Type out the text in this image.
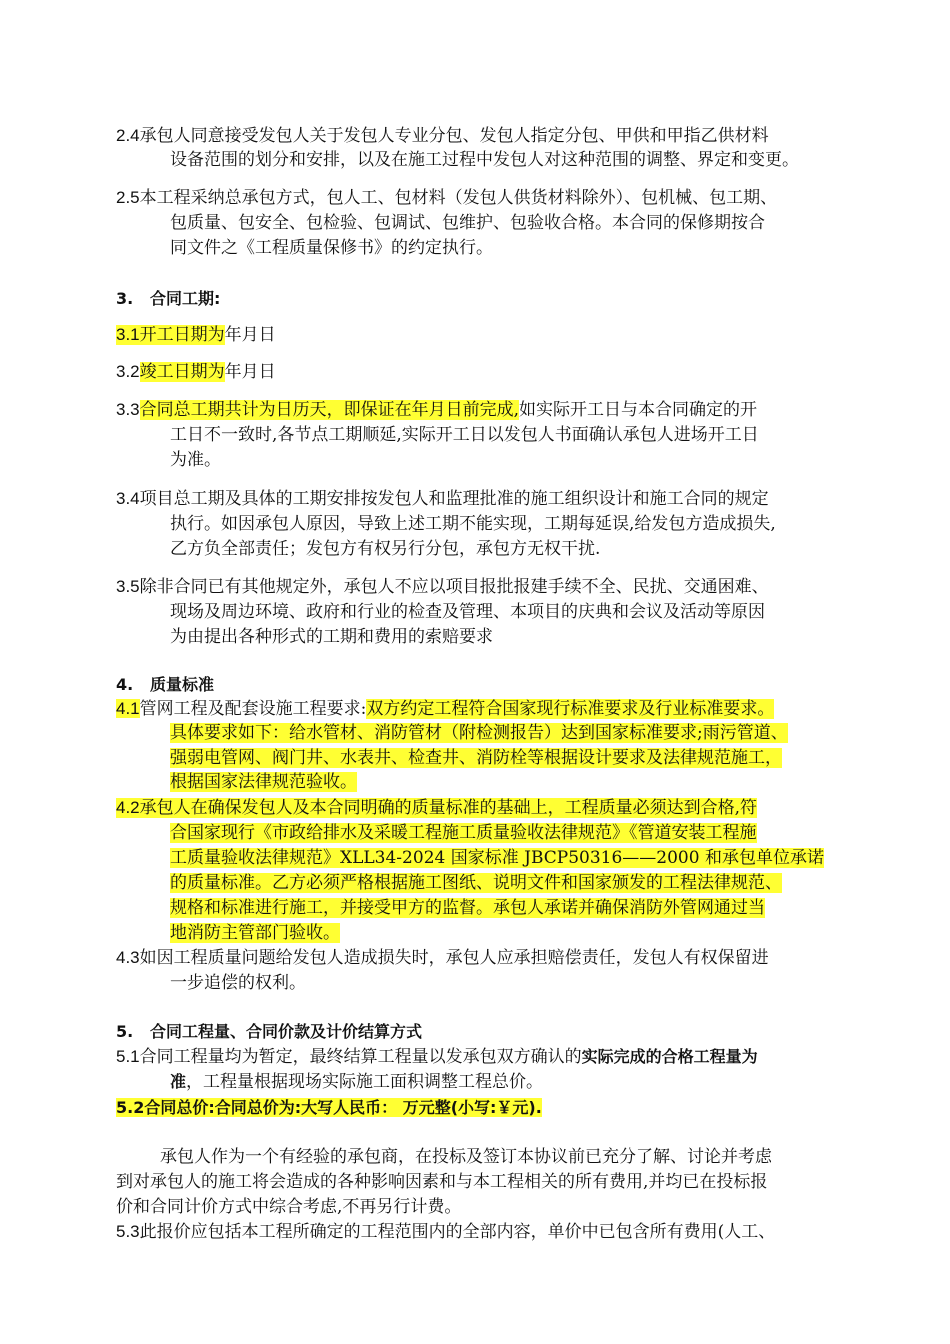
2.4承包人同意接受发包人关于发包人专业分包、发包人指定分包、甲供和甲指乙供材料
设备范围的划分和安排，以及在施工过程中发包人对这种范围的调整、界定和变更。
2.5本工程采纳总承包方式，包人工、包材料（发包人供货材料除外）、包机械、包工期、
包质量、包安全、包检验、包调试、包维护、包验收合格。本合同的保修期按合
同文件之《工程质量保修书》的约定执行。
3. 合同工期:
3.1开工日期为年月日
3.2竣工日期为年月日
3.3合同总工期共计为日历天，即保证在年月日前完成,如实际开工日与本合同确定的开
工日不一致时,各节点工期顺延,实际开工日以发包人书面确认承包人进场开工日
为准。
3.4项目总工期及具体的工期安排按发包人和监理批准的施工组织设计和施工合同的规定
执行。如因承包人原因，导致上述工期不能实现，工期每延误,给发包方造成损失,
乙方负全部责任；发包方有权另行分包，承包方无权干扰.
3.5除非合同已有其他规定外，承包人不应以项目报批报建手续不全、民扰、交通困难、
现场及周边环境、政府和行业的检查及管理、本项目的庆典和会议及活动等原因
为由提出各种形式的工期和费用的索赔要求
4. 质量标准
4.1管网工程及配套设施工程要求:双方约定工程符合国家现行标准要求及行业标准要求。
具体要求如下：给水管材、消防管材（附检测报告）达到国家标准要求;雨污管道、
强弱电管网、阀门井、水表井、检查井、消防栓等根据设计要求及法律规范施工，
根据国家法律规范验收。
4.2承包人在确保发包人及本合同明确的质量标准的基础上，工程质量必须达到合格,符
合国家现行《市政给排水及采暖工程施工质量验收法律规范》《管道安装工程施
工质量验收法律规范》XLL34-2024 国家标准 JBCP50316——2000 和承包单位承诺
的质量标准。乙方必须严格根据施工图纸、说明文件和国家颁发的工程法律规范、
规格和标准进行施工，并接受甲方的监督。承包人承诺并确保消防外管网通过当
地消防主管部门验收。
4.3如因工程质量问题给发包人造成损失时，承包人应承担赔偿责任，发包人有权保留进
一步追偿的权利。
5. 合同工程量、合同价款及计价结算方式
5.1合同工程量均为暂定，最终结算工程量以发承包双方确认的实际完成的合格工程量为
准，工程量根据现场实际施工面积调整工程总价。
5.2合同总价:合同总价为:大写人民币： 万元整(小写:￥元).
承包人作为一个有经验的承包商，在投标及签订本协议前已充分了解、讨论并考虑
到对承包人的施工将会造成的各种影响因素和与本工程相关的所有费用,并均已在投标报
价和合同计价方式中综合考虑,不再另行计费。
5.3此报价应包括本工程所确定的工程范围内的全部内容，单价中已包含所有费用(人工、
